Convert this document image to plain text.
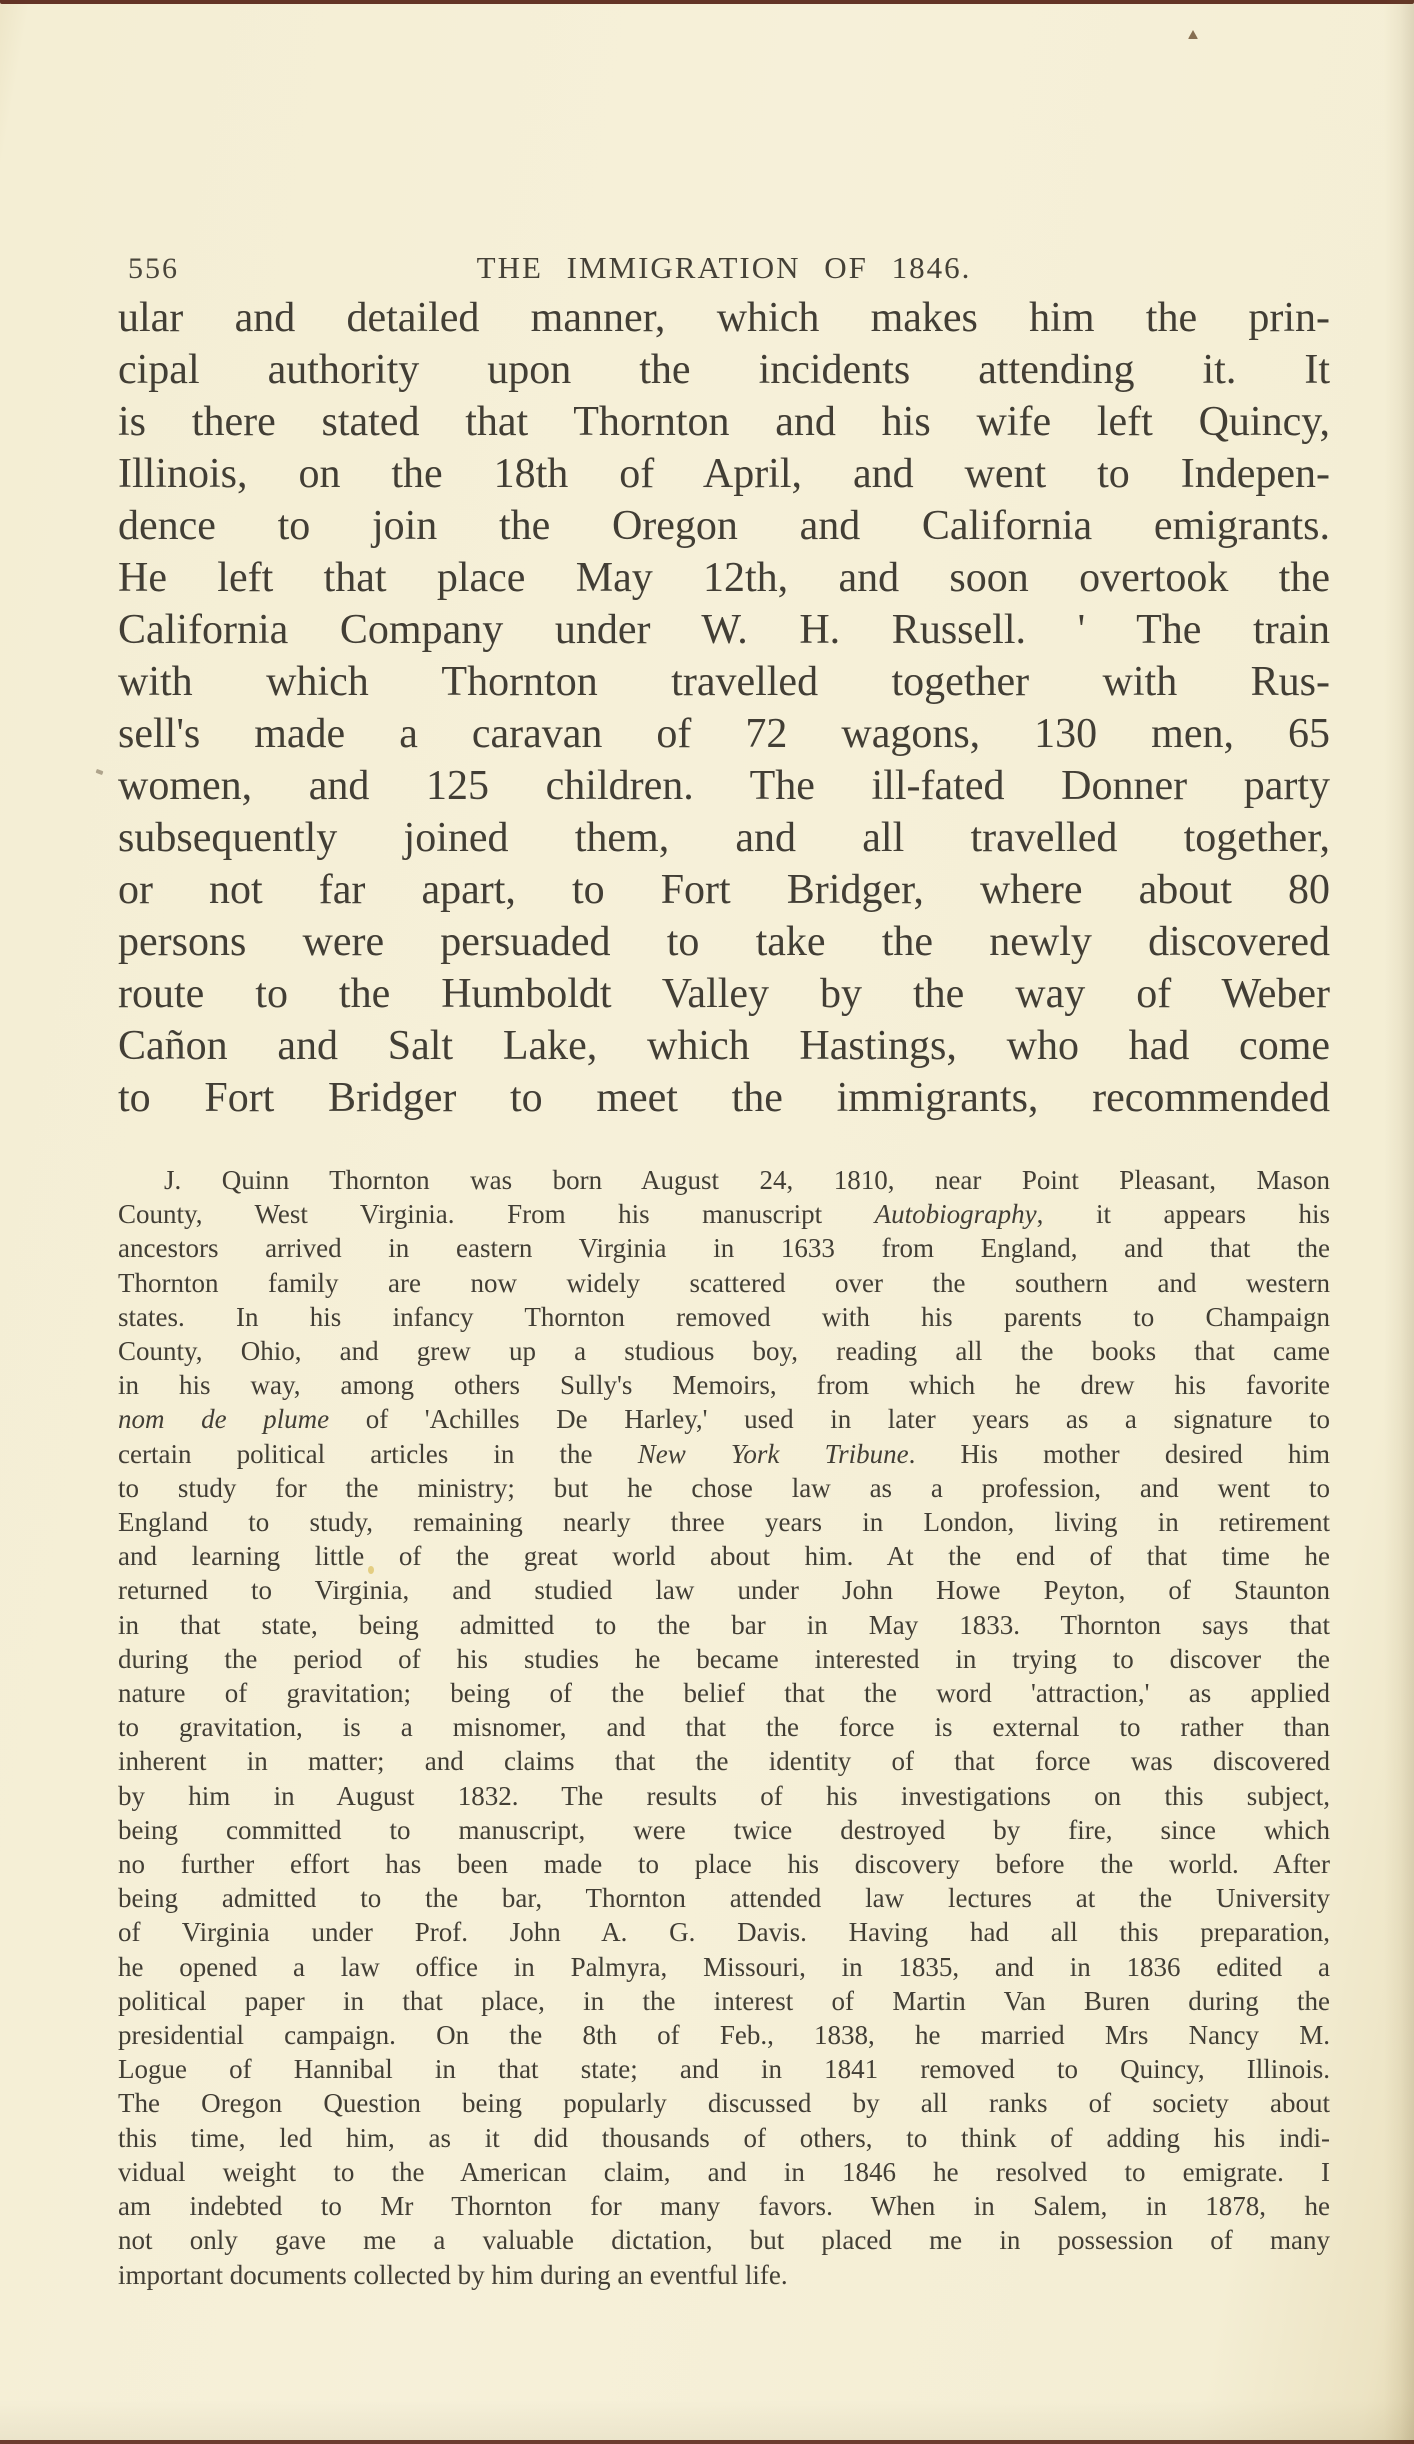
556	THE IMMIGRATION OF 1846.
ular and detailed manner, which makes him the prin-
cipal authority upon the incidents attending it. It
is there stated that Thornton and his wife left Quincy,
Illinois, on the 18th of April, and went to Indepen-
dence to join the Oregon and California emigrants.
He left that place May 12th, and soon overtook the
California Company under W. H. Russell. ' The train
with which Thornton travelled together with Rus-
sell's made a caravan of 72 wagons, 130 men, 65
women, and 125 children. The ill-fated Donner party
subsequently joined them, and all travelled together,
or not far apart, to Fort Bridger, where about 80
persons were persuaded to take the newly discovered
route to the Humboldt Valley by the way of Weber
Cañon and Salt Lake, which Hastings, who had come
to Fort Bridger to meet the immigrants, recommended
J. Quinn Thornton was born August 24, 1810, near Point Pleasant, Mason
County, West Virginia. From his manuscript Autobiography, it appears his
ancestors arrived in eastern Virginia in 1633 from England, and that the
Thornton family are now widely scattered over the southern and western
states. In his infancy Thornton removed with his parents to Champaign
County, Ohio, and grew up a studious boy, reading all the books that came
in his way, among others Sully's Memoirs, from which he drew his favorite
nom de plume of 'Achilles De Harley,' used in later years as a signature to
certain political articles in the New York Tribune. His mother desired him
to study for the ministry; but he chose law as a profession, and went to
England to study, remaining nearly three years in London, living in retirement
and learning little of the great world about him. At the end of that time he
returned to Virginia, and studied law under John Howe Peyton, of Staunton
in that state, being admitted to the bar in May 1833. Thornton says that
during the period of his studies he became interested in trying to discover the
nature of gravitation; being of the belief that the word 'attraction,' as applied
to gravitation, is a misnomer, and that the force is external to rather than
inherent in matter; and claims that the identity of that force was discovered
by him in August 1832. The results of his investigations on this subject,
being committed to manuscript, were twice destroyed by fire, since which
no further effort has been made to place his discovery before the world. After
being admitted to the bar, Thornton attended law lectures at the University
of Virginia under Prof. John A. G. Davis. Having had all this preparation,
he opened a law office in Palmyra, Missouri, in 1835, and in 1836 edited a
political paper in that place, in the interest of Martin Van Buren during the
presidential campaign. On the 8th of Feb., 1838, he married Mrs Nancy M.
Logue of Hannibal in that state; and in 1841 removed to Quincy, Illinois.
The Oregon Question being popularly discussed by all ranks of society about
this time, led him, as it did thousands of others, to think of adding his indi-
vidual weight to the American claim, and in 1846 he resolved to emigrate. I
am indebted to Mr Thornton for many favors. When in Salem, in 1878, he
not only gave me a valuable dictation, but placed me in possession of many
important documents collected by him during an eventful life.
